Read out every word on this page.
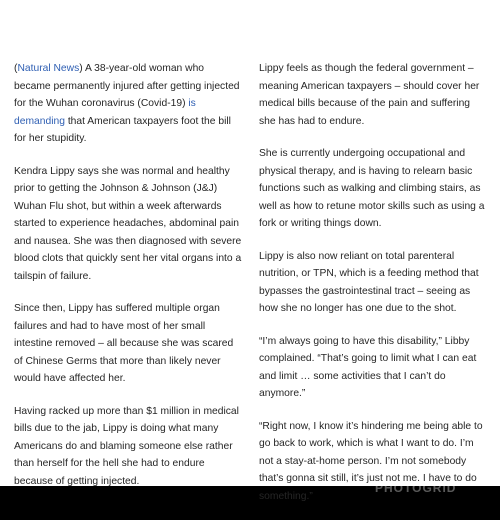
(Natural News) A 38-year-old woman who became permanently injured after getting injected for the Wuhan coronavirus (Covid-19) is demanding that American taxpayers foot the bill for her stupidity.

Kendra Lippy says she was normal and healthy prior to getting the Johnson & Johnson (J&J) Wuhan Flu shot, but within a week afterwards started to experience headaches, abdominal pain and nausea. She was then diagnosed with severe blood clots that quickly sent her vital organs into a tailspin of failure.

Since then, Lippy has suffered multiple organ failures and had to have most of her small intestine removed – all because she was scared of Chinese Germs that more than likely never would have affected her.

Having racked up more than $1 million in medical bills due to the jab, Lippy is doing what many Americans do and blaming someone else rather than herself for the hell she had to endure because of getting injected.

Lippy feels as though the federal government – meaning American taxpayers – should cover her medical bills because of the pain and suffering she has had to endure.

She is currently undergoing occupational and physical therapy, and is having to relearn basic functions such as walking and climbing stairs, as well as how to retune motor skills such as using a fork or writing things down.

Lippy is also now reliant on total parenteral nutrition, or TPN, which is a feeding method that bypasses the gastrointestinal tract – seeing as how she no longer has one due to the shot.

“I’m always going to have this disability,” Libby complained. “That’s going to limit what I can eat and limit … some activities that I can’t do anymore.”

“Right now, I know it’s hindering me being able to go back to work, which is what I want to do. I’m not a stay-at-home person. I’m not somebody that’s gonna sit still, it’s just not me. I have to do something.”

PHOTOGRID
